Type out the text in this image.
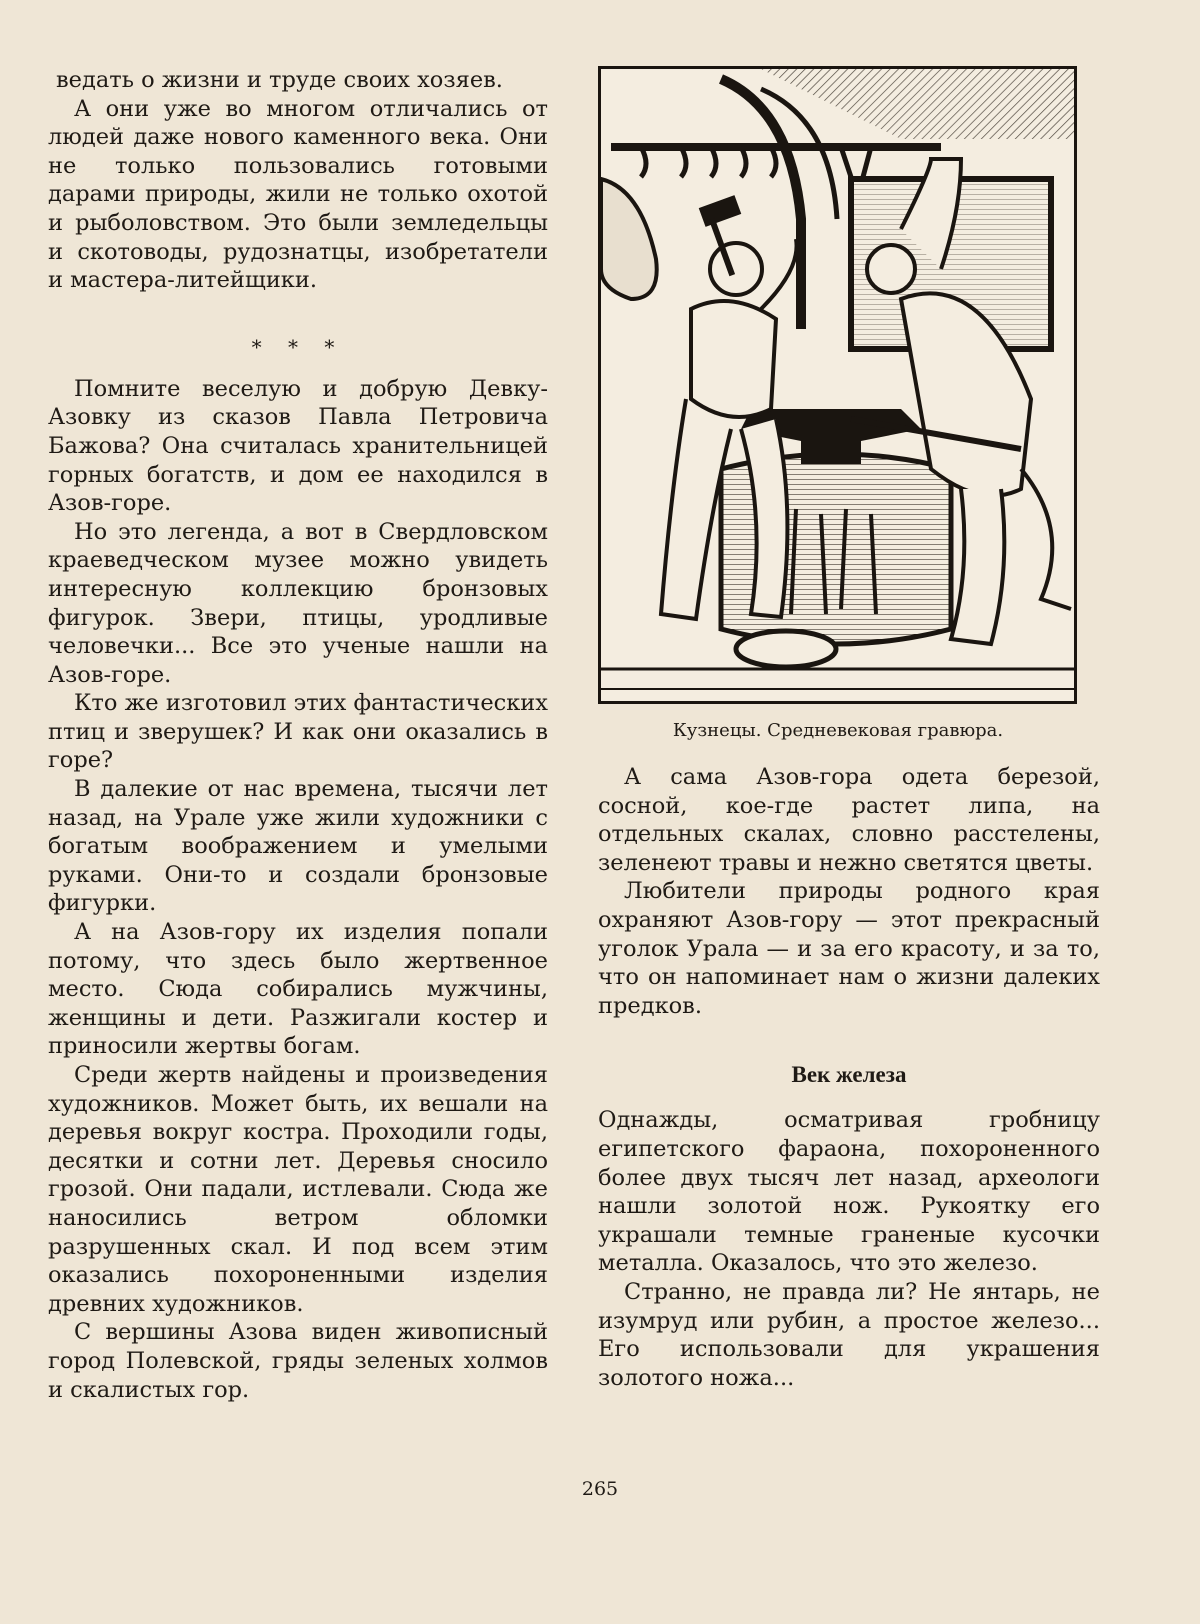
ведать о жизни и труде своих хозяев.

А они уже во многом отличались от людей даже нового каменного века. Они не только пользовались готовыми дарами природы, жили не только охотой и рыболовством. Это были земледельцы и скотоводы, рудознатцы, изобретатели и мастера-литейщики.

* * *

Помните веселую и добрую Девку-Азовку из сказов Павла Петровича Бажова? Она считалась хранительницей горных богатств, и дом ее находился в Азов-горе.

Но это легенда, а вот в Свердловском краеведческом музее можно увидеть интересную коллекцию бронзовых фигурок. Звери, птицы, уродливые человечки... Все это ученые нашли на Азов-горе.

Кто же изготовил этих фантастических птиц и зверушек? И как они оказались в горе?

В далекие от нас времена, тысячи лет назад, на Урале уже жили художники с богатым воображением и умелыми руками. Они-то и создали бронзовые фигурки.

А на Азов-гору их изделия попали потому, что здесь было жертвенное место. Сюда собирались мужчины, женщины и дети. Разжигали костер и приносили жертвы богам.

Среди жертв найдены и произведения художников. Может быть, их вешали на деревья вокруг костра. Проходили годы, десятки и сотни лет. Деревья сносило грозой. Они падали, истлевали. Сюда же наносились ветром обломки разрушенных скал. И под всем этим оказались похороненными изделия древних художников.

С вершины Азова виден живописный город Полевской, гряды зеленых холмов и скалистых гор.

Кузнецы. Средневековая гравюра.

А сама Азов-гора одета березой, сосной, кое-где растет липа, на отдельных скалах, словно расстелены, зеленеют травы и нежно светятся цветы.

Любители природы родного края охраняют Азов-гору — этот прекрасный уголок Урала — и за его красоту, и за то, что он напоминает нам о жизни далеких предков.

Век железа

Однажды, осматривая гробницу египетского фараона, похороненного более двух тысяч лет назад, археологи нашли золотой нож. Рукоятку его украшали темные граненые кусочки металла. Оказалось, что это железо.

Странно, не правда ли? Не янтарь, не изумруд или рубин, а простое железо... Его использовали для украшения золотого ножа...

265
